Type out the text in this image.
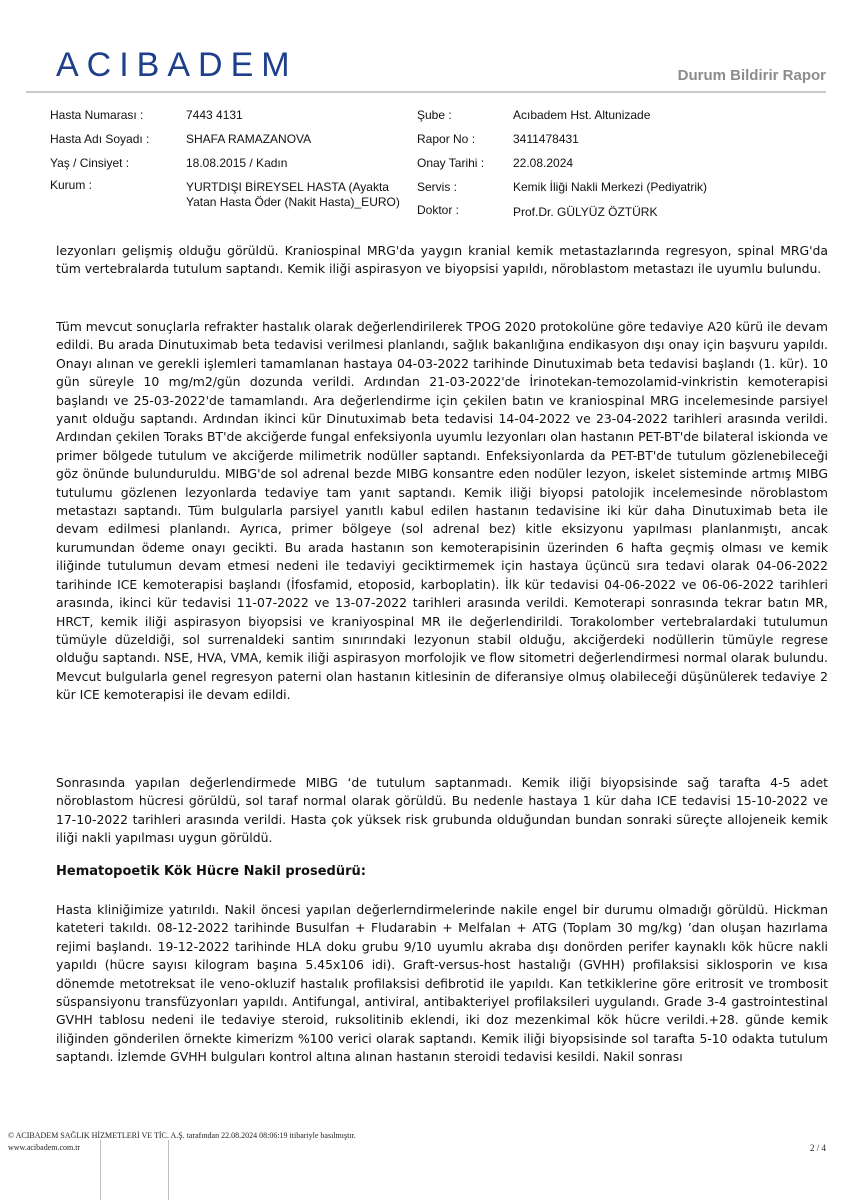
ACIBADEM	Durum Bildirir Rapor
Hasta Numarası :	7443 4131
Hasta Adı Soyadı :	SHAFA RAMAZANOVA
Yaş / Cinsiyet :	18.08.2015 / Kadın
Kurum :	YURTDIŞI BİREYSEL HASTA (Ayakta Yatan Hasta Öder (Nakit Hasta)_EURO)
Şube :	Acıbadem Hst. Altunizade
Rapor No :	3411478431
Onay Tarihi : 22.08.2024
Servis :	Kemik İliği Nakli Merkezi (Pediyatrik)
Doktor :	Prof.Dr. GÜLYÜZ ÖZTÜRK

lezyonları gelişmiş olduğu görüldü. Kraniospinal MRG'da yaygın kranial kemik metastazlarında regresyon, spinal MRG'da tüm vertebralarda tutulum saptandı. Kemik iliği aspirasyon ve biyopsisi yapıldı, nöroblastom metastazı ile uyumlu bulundu.

Tüm mevcut sonuçlarla refrakter hastalık olarak değerlendirilerek TPOG 2020 protokolüne göre tedaviye A20 kürü ile devam edildi. Bu arada Dinutuximab beta tedavisi verilmesi planlandı, sağlık bakanlığına endikasyon dışı onay için başvuru yapıldı. Onayı alınan ve gerekli işlemleri tamamlanan hastaya 04-03-2022 tarihinde Dinutuximab beta tedavisi başlandı (1. kür). 10 gün süreyle 10 mg/m2/gün dozunda verildi. Ardından 21-03-2022'de İrinotekan-temozolamid-vinkristin kemoterapisi başlandı ve 25-03-2022'de tamamlandı. Ara değerlendirme için çekilen batın ve kraniospinal MRG incelemesinde parsiyel yanıt olduğu saptandı. Ardından ikinci kür Dinutuximab beta tedavisi 14-04-2022 ve 23-04-2022 tarihleri arasında verildi. Ardından çekilen Toraks BT'de akciğerde fungal enfeksiyonla uyumlu lezyonları olan hastanın PET-BT'de bilateral iskionda ve primer bölgede tutulum ve akciğerde milimetrik nodüller saptandı. Enfeksiyonlarda da PET-BT'de tutulum gözlenebileceği göz önünde bulunduruldu. MIBG'de sol adrenal bezde MIBG konsantre eden nodüler lezyon, iskelet sisteminde artmış MIBG tutulumu gözlenen lezyonlarda tedaviye tam yanıt saptandı. Kemik iliği biyopsi patolojik incelemesinde nöroblastom metastazı saptandı. Tüm bulgularla parsiyel yanıtlı kabul edilen hastanın tedavisine iki kür daha Dinutuximab beta ile devam edilmesi planlandı. Ayrıca, primer bölgeye (sol adrenal bez) kitle eksizyonu yapılması planlanmıştı, ancak kurumundan ödeme onayı gecikti. Bu arada hastanın son kemoterapisinin üzerinden 6 hafta geçmiş olması ve kemik iliğinde tutulumun devam etmesi nedeni ile tedaviyi geciktirmemek için hastaya üçüncü sıra tedavi olarak 04-06-2022 tarihinde ICE kemoterapisi başlandı (İfosfamid, etoposid, karboplatin). İlk kür tedavisi 04-06-2022 ve 06-06-2022 tarihleri arasında, ikinci kür tedavisi 11-07-2022 ve 13-07-2022 tarihleri arasında verildi. Kemoterapi sonrasında tekrar batın MR, HRCT, kemik iliği aspirasyon biyopsisi ve kraniyospinal MR ile değerlendirildi. Torakolomber vertebralardaki tutulumun tümüyle düzeldiği, sol surrenaldeki santim sınırındaki lezyonun stabil olduğu, akciğerdeki nodüllerin tümüyle regrese olduğu saptandı. NSE, HVA, VMA, kemik iliği aspirasyon morfolojik ve flow sitometri değerlendirmesi normal olarak bulundu. Mevcut bulgularla genel regresyon paterni olan hastanın kitlesinin de diferansiye olmuş olabileceği düşünülerek tedaviye 2 kür ICE kemoterapisi ile devam edildi.

Sonrasında yapılan değerlendirmede MIBG ‘de tutulum saptanmadı. Kemik iliği biyopsisinde sağ tarafta 4-5 adet nöroblastom hücresi görüldü, sol taraf normal olarak görüldü. Bu nedenle hastaya 1 kür daha ICE tedavisi 15-10-2022 ve 17-10-2022 tarihleri arasında verildi. Hasta çok yüksek risk grubunda olduğundan bundan sonraki süreçte allojeneik kemik iliği nakli yapılması uygun görüldü.

Hematopoetik Kök Hücre Nakil prosedürü:

Hasta kliniğimize yatırıldı. Nakil öncesi yapılan değerlerndirmelerinde nakile engel bir durumu olmadığı görüldü. Hickman kateteri takıldı. 08-12-2022 tarihinde Busulfan + Fludarabin + Melfalan + ATG (Toplam 30 mg/kg) ’dan oluşan hazırlama rejimi başlandı. 19-12-2022 tarihinde HLA doku grubu 9/10 uyumlu akraba dışı donörden perifer kaynaklı kök hücre nakli yapıldı (hücre sayısı kilogram başına 5.45x106 idi). Graft-versus-host hastalığı (GVHH) profilaksisi siklosporin ve kısa dönemde metotreksat ile veno-okluzif hastalık profilaksisi defibrotid ile yapıldı. Kan tetkiklerine göre eritrosit ve trombosit süspansiyonu transfüzyonları yapıldı. Antifungal, antiviral, antibakteriyel profilaksileri uygulandı. Grade 3-4 gastrointestinal GVHH tablosu nedeni ile tedaviye steroid, ruksolitinib eklendi, iki doz mezenkimal kök hücre verildi.+28. günde kemik iliğinden gönderilen örnekte kimerizm %100 verici olarak saptandı. Kemik iliği biyopsisinde sol tarafta 5-10 odakta tutulum saptandı. İzlemde GVHH bulguları kontrol altına alınan hastanın steroidi tedavisi kesildi. Nakil sonrası

© ACIBADEM SAĞLIK HİZMETLERİ VE TİC. A.Ş. tarafından 22.08.2024 08:06:19 itibariyle basılmıştır.
www.acibadem.com.tr	2 / 4
